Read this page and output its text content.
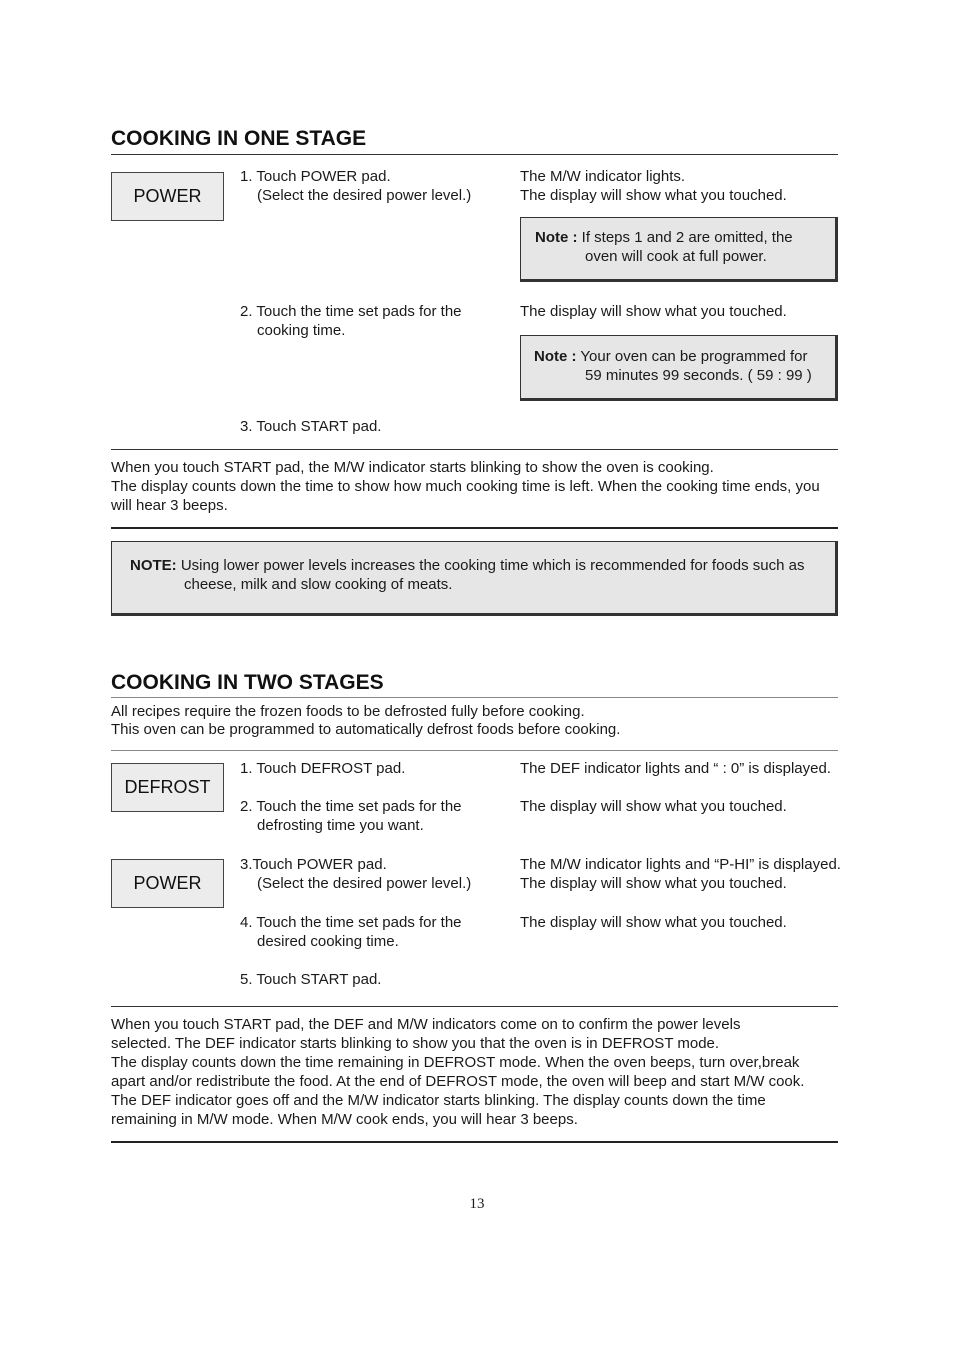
COOKING IN ONE STAGE
POWER
1. Touch POWER pad.
(Select the desired power level.)
The M/W indicator lights.
The display will show what you touched.
Note : If steps 1 and 2 are omitted, the
oven will cook at full power.
2. Touch the time set pads for the
cooking time.
The display will show what you touched.
Note : Your oven can be programmed for
59 minutes 99 seconds. ( 59 : 99 )
3. Touch START pad.
When you touch START pad, the M/W indicator starts blinking to show the oven is cooking.
The display counts down the time to show how much cooking time is left. When the cooking time ends, you
will hear 3 beeps.
NOTE: Using lower power levels increases the cooking time which is recommended for foods such as
cheese, milk and slow cooking of meats.
COOKING IN TWO STAGES
All recipes require the frozen foods to be defrosted fully before cooking.
This oven can be programmed to automatically defrost foods before cooking.
DEFROST
1. Touch DEFROST pad.	The DEF indicator lights and “ : 0” is displayed.
2. Touch the time set pads for the
defrosting time you want.
The display will show what you touched.
POWER
3.Touch POWER pad.
(Select the desired power level.)
The M/W indicator lights and “P-HI” is displayed.
The display will show what you touched.
4. Touch the time set pads for the
desired cooking time.
The display will show what you touched.
5. Touch START pad.
When you touch START pad, the DEF and M/W indicators come on to confirm the power levels
selected. The DEF indicator starts blinking to show you that the oven is in DEFROST mode.
The display counts down the time remaining in DEFROST mode. When the oven beeps, turn over,break
apart and/or redistribute the food. At the end of DEFROST mode, the oven will beep and start M/W cook.
The DEF indicator goes off and the M/W indicator starts blinking. The display counts down the time
remaining in M/W mode. When M/W cook ends, you will hear 3 beeps.
13
